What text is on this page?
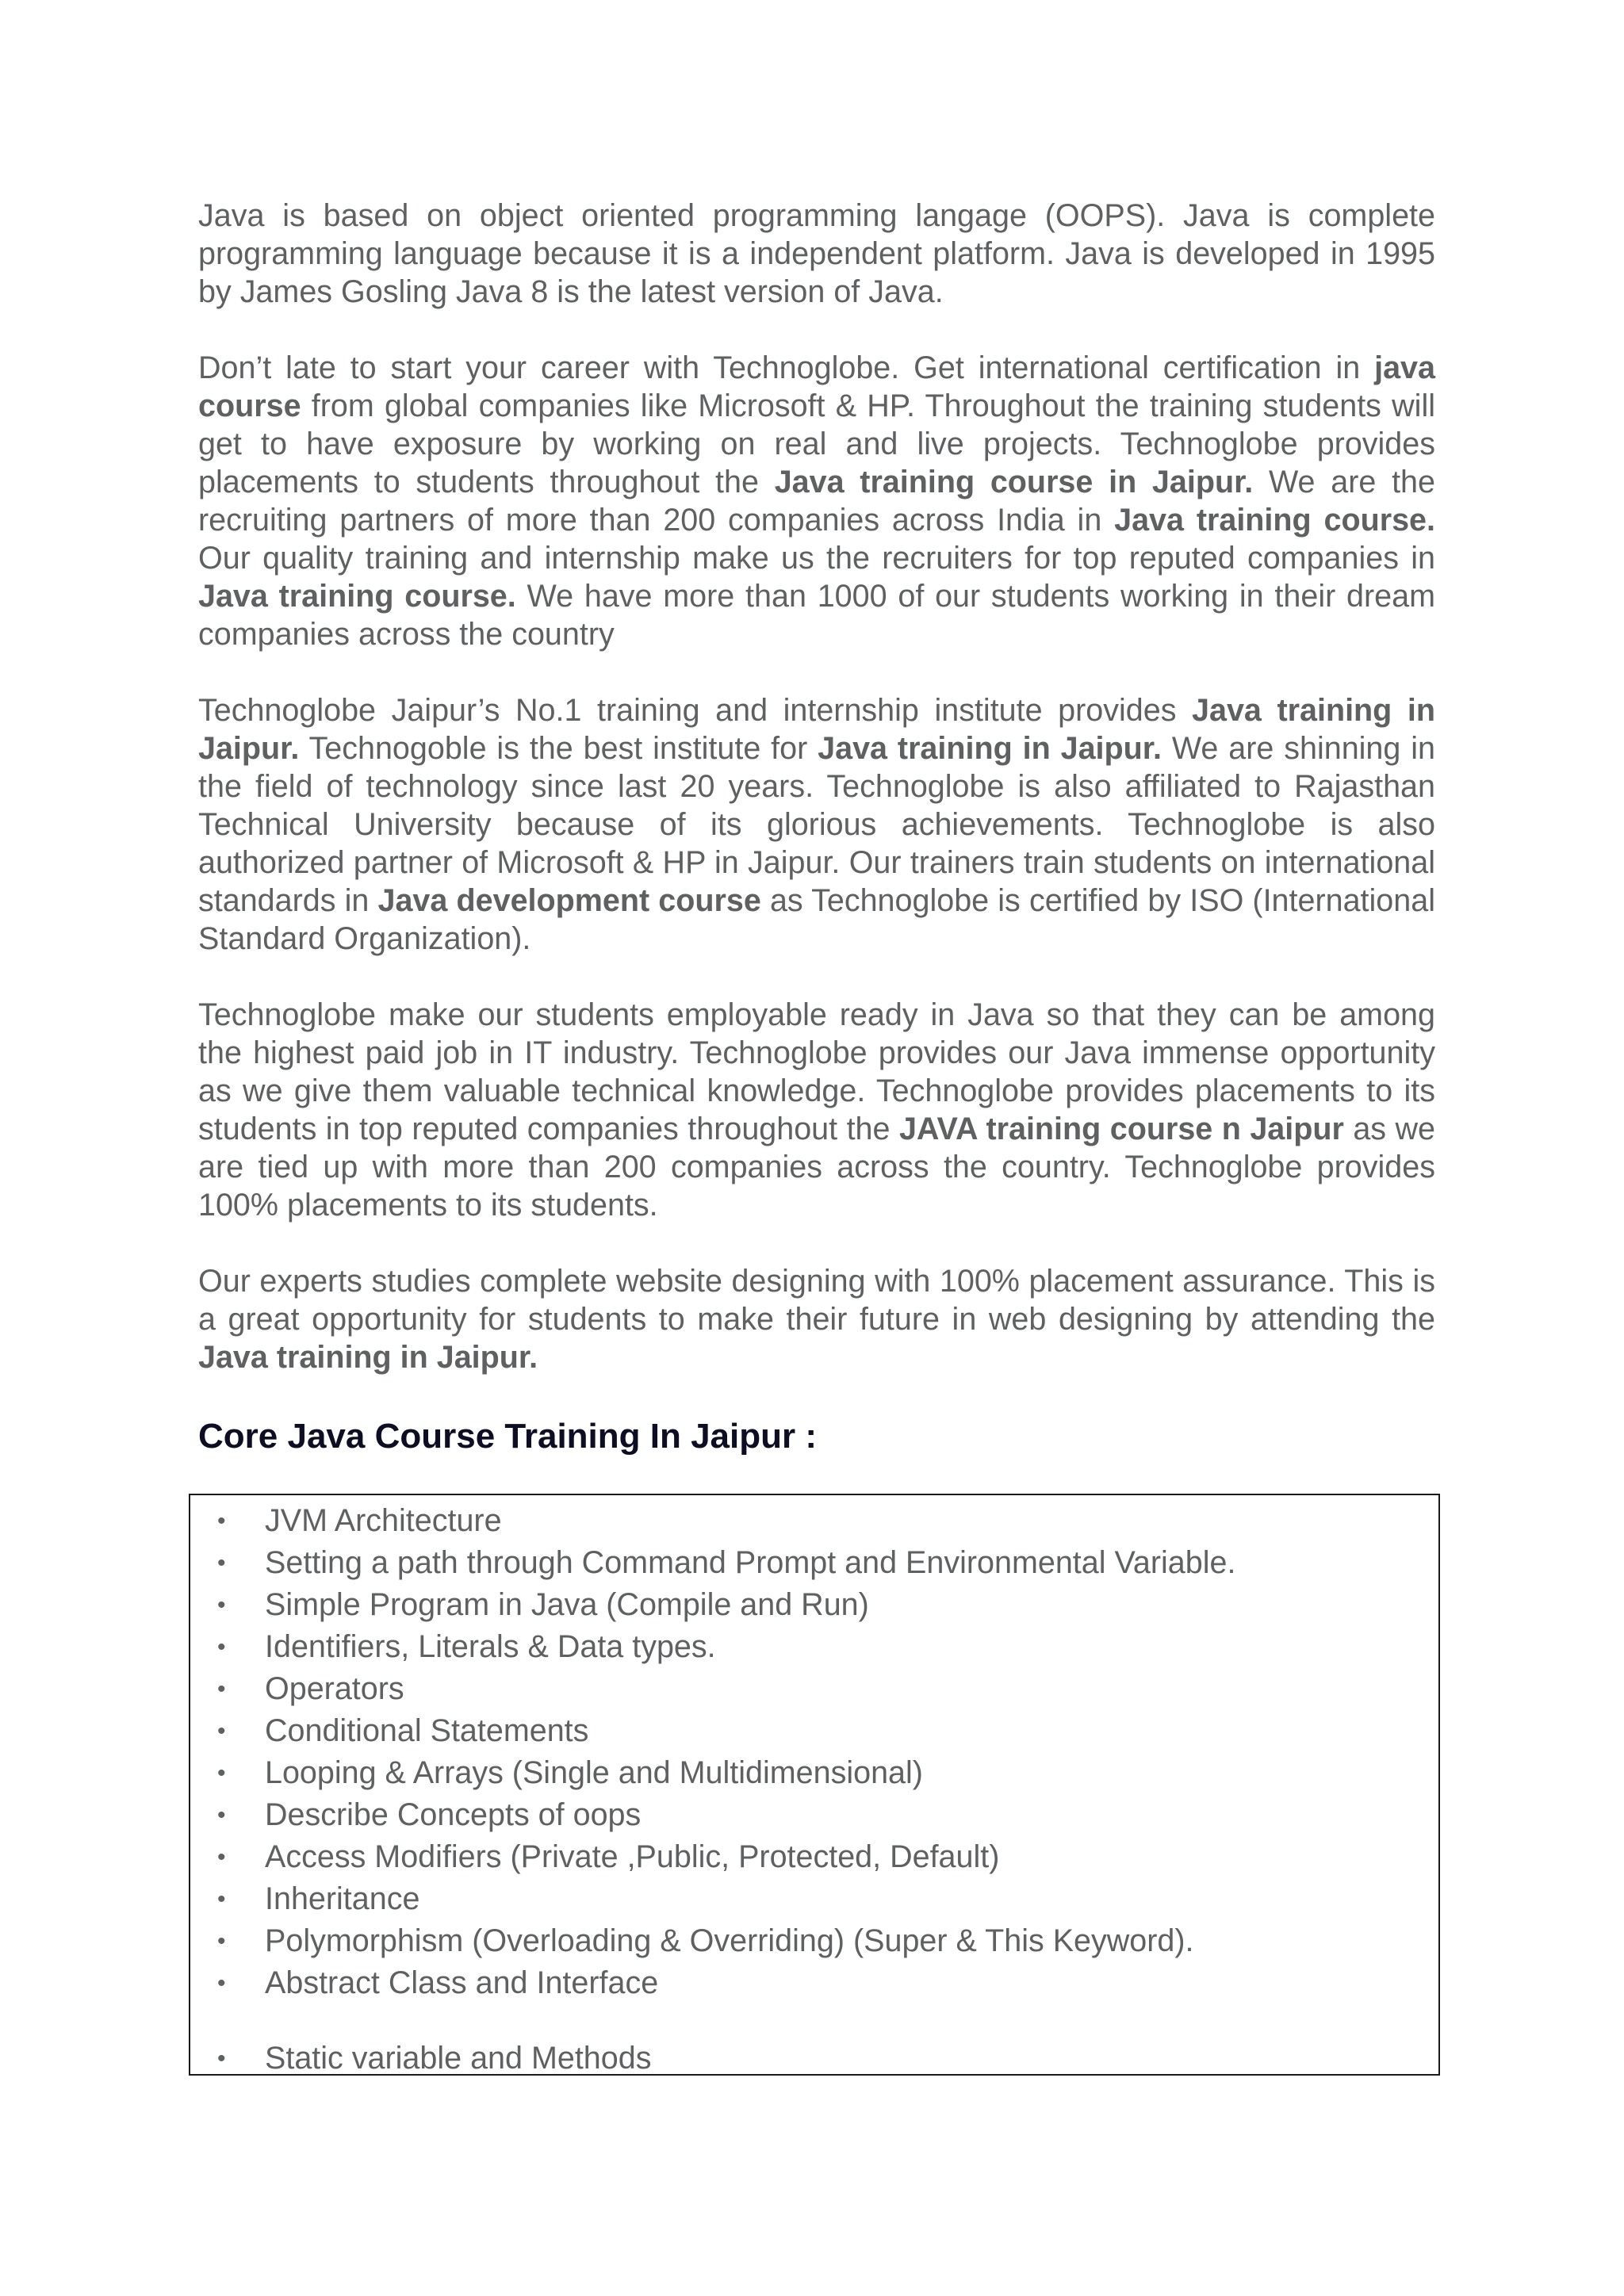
Java is based on object oriented programming langage (OOPS). Java is complete programming language because it is a independent platform. Java is developed in 1995 by James Gosling Java 8 is the latest version of Java.

Don’t late to start your career with Technoglobe. Get international certification in java course from global companies like Microsoft & HP. Throughout the training students will get to have exposure by working on real and live projects. Technoglobe provides placements to students throughout the Java training course in Jaipur. We are the recruiting partners of more than 200 companies across India in Java training course. Our quality training and internship make us the recruiters for top reputed companies in Java training course. We have more than 1000 of our students working in their dream companies across the country

Technoglobe Jaipur’s No.1 training and internship institute provides Java training in Jaipur. Technogoble is the best institute for Java training in Jaipur. We are shinning in the field of technology since last 20 years. Technoglobe is also affiliated to Rajasthan Technical University because of its glorious achievements. Technoglobe is also authorized partner of Microsoft & HP in Jaipur. Our trainers train students on international standards in Java development course as Technoglobe is certified by ISO (International Standard Organization).

Technoglobe make our students employable ready in Java so that they can be among the highest paid job in IT industry. Technoglobe provides our Java immense opportunity as we give them valuable technical knowledge. Technoglobe provides placements to its students in top reputed companies throughout the JAVA training course n Jaipur as we are tied up with more than 200 companies across the country. Technoglobe provides 100% placements to its students.

Our experts studies complete website designing with 100% placement assurance. This is a great opportunity for students to make their future in web designing by attending the Java training in Jaipur.

Core Java Course Training In Jaipur :
•	JVM Architecture
•	Setting a path through Command Prompt and Environmental Variable.
•	Simple Program in Java (Compile and Run)
•	Identifiers, Literals & Data types.
•	Operators
•	Conditional Statements
•	Looping & Arrays (Single and Multidimensional)
•	Describe Concepts of oops
•	Access Modifiers (Private ,Public, Protected, Default)
•	Inheritance
•	Polymorphism (Overloading & Overriding) (Super & This Keyword).
•	Abstract Class and Interface
•	Static variable and Methods
